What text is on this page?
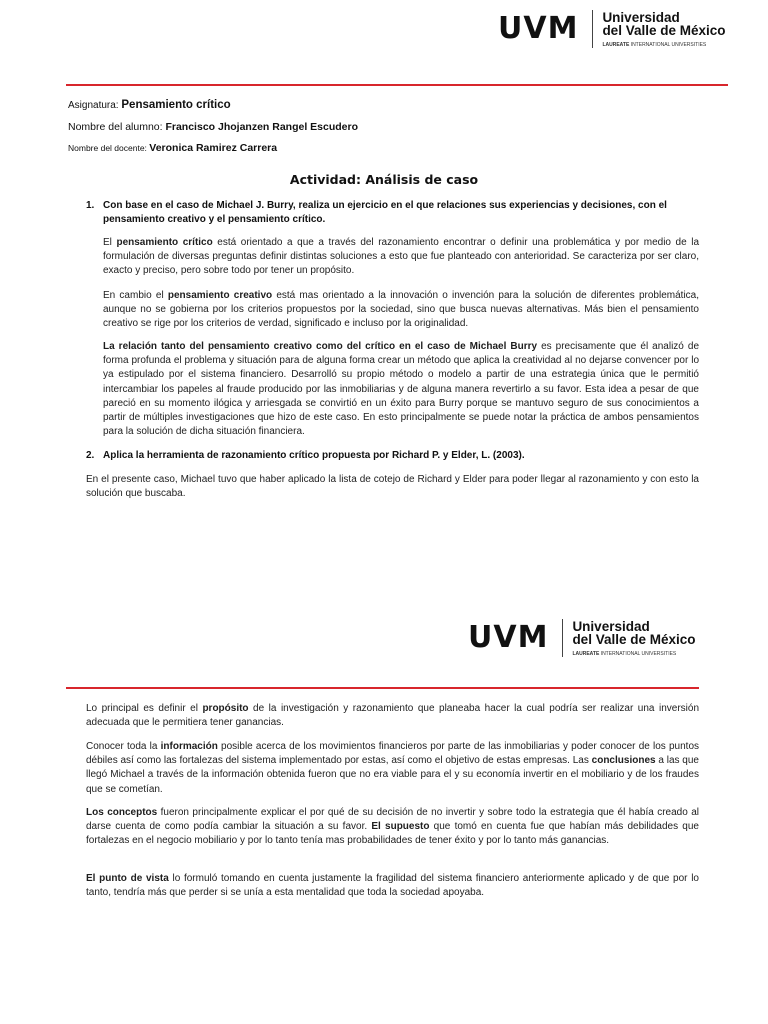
UVM Universidad
del Valle de México
LAUREATE INTERNATIONAL UNIVERSITIES
Asignatura: Pensamiento crítico
Nombre del alumno: Francisco Jhojanzen Rangel Escudero
Nombre del docente: Veronica Ramirez Carrera
Actividad: Análisis de caso
1. Con base en el caso de Michael J. Burry, realiza un ejercicio en el que relaciones sus experiencias y decisiones, con el pensamiento creativo y el pensamiento crítico.
El pensamiento crítico está orientado a que a través del razonamiento encontrar o definir una problemática y por medio de la formulación de diversas preguntas definir distintas soluciones a esto que fue planteado con anterioridad. Se caracteriza por ser claro, exacto y preciso, pero sobre todo por tener un propósito.
En cambio el pensamiento creativo está mas orientado a la innovación o invención para la solución de diferentes problemática, aunque no se gobierna por los criterios propuestos por la sociedad, sino que busca nuevas alternativas. Más bien el pensamiento creativo se rige por los criterios de verdad, significado e incluso por la originalidad.
La relación tanto del pensamiento creativo como del crítico en el caso de Michael Burry es precisamente que él analizó de forma profunda el problema y situación para de alguna forma crear un método que aplica la creatividad al no dejarse convencer por lo ya estipulado por el sistema financiero. Desarrolló su propio método o modelo a partir de una estrategia única que le permitió intercambiar los papeles al fraude producido por las inmobiliarias y de alguna manera revertirlo a su favor. Esta idea a pesar de que pareció en su momento ilógica y arriesgada se convirtió en un éxito para Burry porque se mantuvo seguro de sus conocimientos a partir de múltiples investigaciones que hizo de este caso. En esto principalmente se puede notar la práctica de ambos pensamientos para la solución de dicha situación financiera.
2. Aplica la herramienta de razonamiento crítico propuesta por Richard P. y Elder, L. (2003).
En el presente caso, Michael tuvo que haber aplicado la lista de cotejo de Richard y Elder para poder llegar al razonamiento y con esto la solución que buscaba.
UVM Universidad
del Valle de México
LAUREATE INTERNATIONAL UNIVERSITIES
Lo principal es definir el propósito de la investigación y razonamiento que planeaba hacer la cual podría ser realizar una inversión adecuada que le permitiera tener ganancias.
Conocer toda la información posible acerca de los movimientos financieros por parte de las inmobiliarias y poder conocer de los puntos débiles así como las fortalezas del sistema implementado por estas, así como el objetivo de estas empresas. Las conclusiones a las que llegó Michael a través de la información obtenida fueron que no era viable para el y su economía invertir en el mobiliario y de los fraudes que se cometían.
Los conceptos fueron principalmente explicar el por qué de su decisión de no invertir y sobre todo la estrategia que él había creado al darse cuenta de como podía cambiar la situación a su favor. El supuesto que tomó en cuenta fue que habían más debilidades que fortalezas en el negocio mobiliario y por lo tanto tenía mas probabilidades de tener éxito y por lo tanto más ganancias.
El punto de vista lo formuló tomando en cuenta justamente la fragilidad del sistema financiero anteriormente aplicado y de que por lo tanto, tendría más que perder si se unía a esta mentalidad que toda la sociedad apoyaba.
